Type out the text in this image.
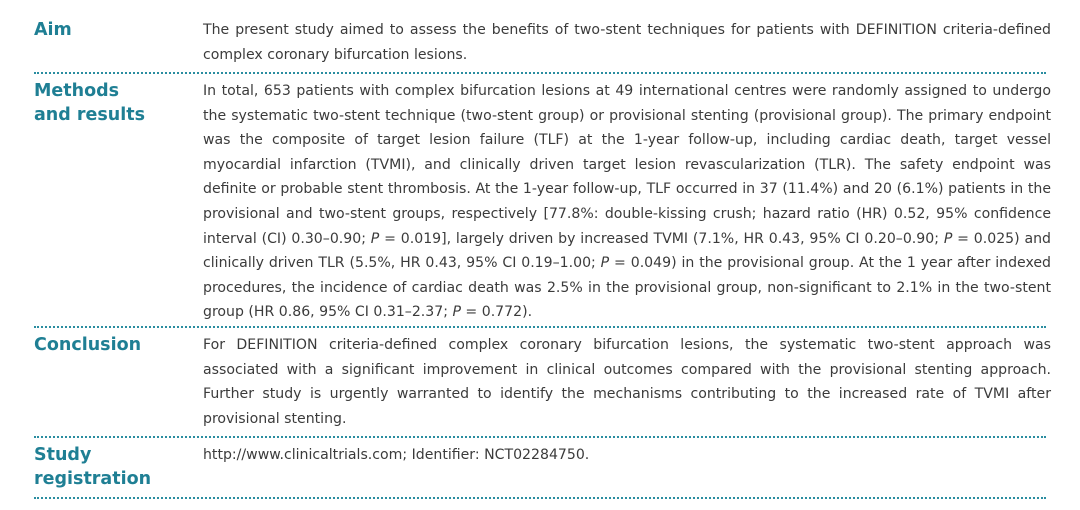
Aim	The present study aimed to assess the benefits of two-stent techniques for patients with DEFINITION criteria-defined complex coronary bifurcation lesions.
Methods
and results
In total, 653 patients with complex bifurcation lesions at 49 international centres were randomly assigned to undergo the systematic two-stent technique (two-stent group) or provisional stenting (provisional group). The primary endpoint was the composite of target lesion failure (TLF) at the 1-year follow-up, including cardiac death, target vessel myocardial infarction (TVMI), and clinically driven target lesion revascularization (TLR). The safety endpoint was definite or probable stent thrombosis. At the 1-year follow-up, TLF occurred in 37 (11.4%) and 20 (6.1%) patients in the provisional and two-stent groups, respectively [77.8%: double-kissing crush; hazard ratio (HR) 0.52, 95% confidence interval (CI) 0.30–0.90; P = 0.019], largely driven by increased TVMI (7.1%, HR 0.43, 95% CI 0.20–0.90; P = 0.025) and clinically driven TLR (5.5%, HR 0.43, 95% CI 0.19–1.00; P = 0.049) in the provisional group. At the 1 year after indexed procedures, the incidence of cardiac death was 2.5% in the provisional group, non-significant to 2.1% in the two-stent group (HR 0.86, 95% CI 0.31–2.37; P = 0.772).
Conclusion	For DEFINITION criteria-defined complex coronary bifurcation lesions, the systematic two-stent approach was associated with a significant improvement in clinical outcomes compared with the provisional stenting approach. Further study is urgently warranted to identify the mechanisms contributing to the increased rate of TVMI after provisional stenting.
Study
registration
http://www.clinicaltrials.com; Identifier: NCT02284750.
